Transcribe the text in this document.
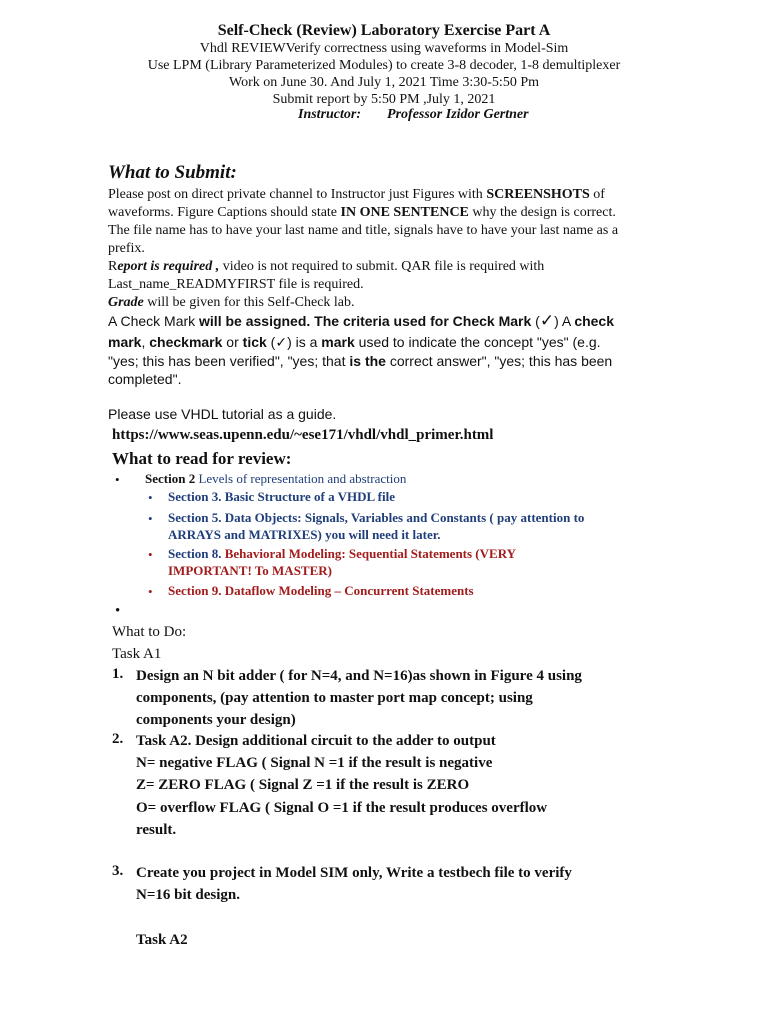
Self-Check (Review) Laboratory Exercise Part A
Vhdl REVIEWVerify correctness using waveforms in Model-Sim
Use LPM (Library Parameterized Modules) to create 3-8 decoder, 1-8 demultiplexer
Work on June 30. And July 1, 2021 Time 3:30-5:50 Pm
Submit report by 5:50 PM ,July 1, 2021
Instructor: Professor Izidor Gertner
What to Submit:
Please post on direct private channel to Instructor just Figures with SCREENSHOTS of
waveforms. Figure Captions should state IN ONE SENTENCE why the design is correct.
The file name has to have your last name and title, signals have to have your last name as a
prefix.
Report is required , video is not required to submit. QAR file is required with
Last_name_READMYFIRST file is required.
Grade will be given for this Self-Check lab.
A Check Mark will be assigned. The criteria used for Check Mark (✓) A check
mark, checkmark or tick (✓) is a mark used to indicate the concept "yes" (e.g.
"yes; this has been verified", "yes; that is the correct answer", "yes; this has been
completed".
Please use VHDL tutorial as a guide.
https://www.seas.upenn.edu/~ese171/vhdl/vhdl_primer.html
What to read for review:
• Section 2 Levels of representation and abstraction
• Section 3. Basic Structure of a VHDL file
• Section 5. Data Objects: Signals, Variables and Constants ( pay attention to
ARRAYS and MATRIXES) you will need it later.
• Section 8. Behavioral Modeling: Sequential Statements (VERY
IMPORTANT! To MASTER)
• Section 9. Dataflow Modeling – Concurrent Statements
•
What to Do:
Task A1
1. Design an N bit adder ( for N=4, and N=16)as shown in Figure 4 using
components, (pay attention to master port map concept; using
components your design)
2. Task A2. Design additional circuit to the adder to output
N= negative FLAG ( Signal N =1 if the result is negative
Z= ZERO FLAG ( Signal Z =1 if the result is ZERO
O= overflow FLAG ( Signal O =1 if the result produces overflow
result.
3. Create you project in Model SIM only, Write a testbech file to verify
N=16 bit design.
Task A2
